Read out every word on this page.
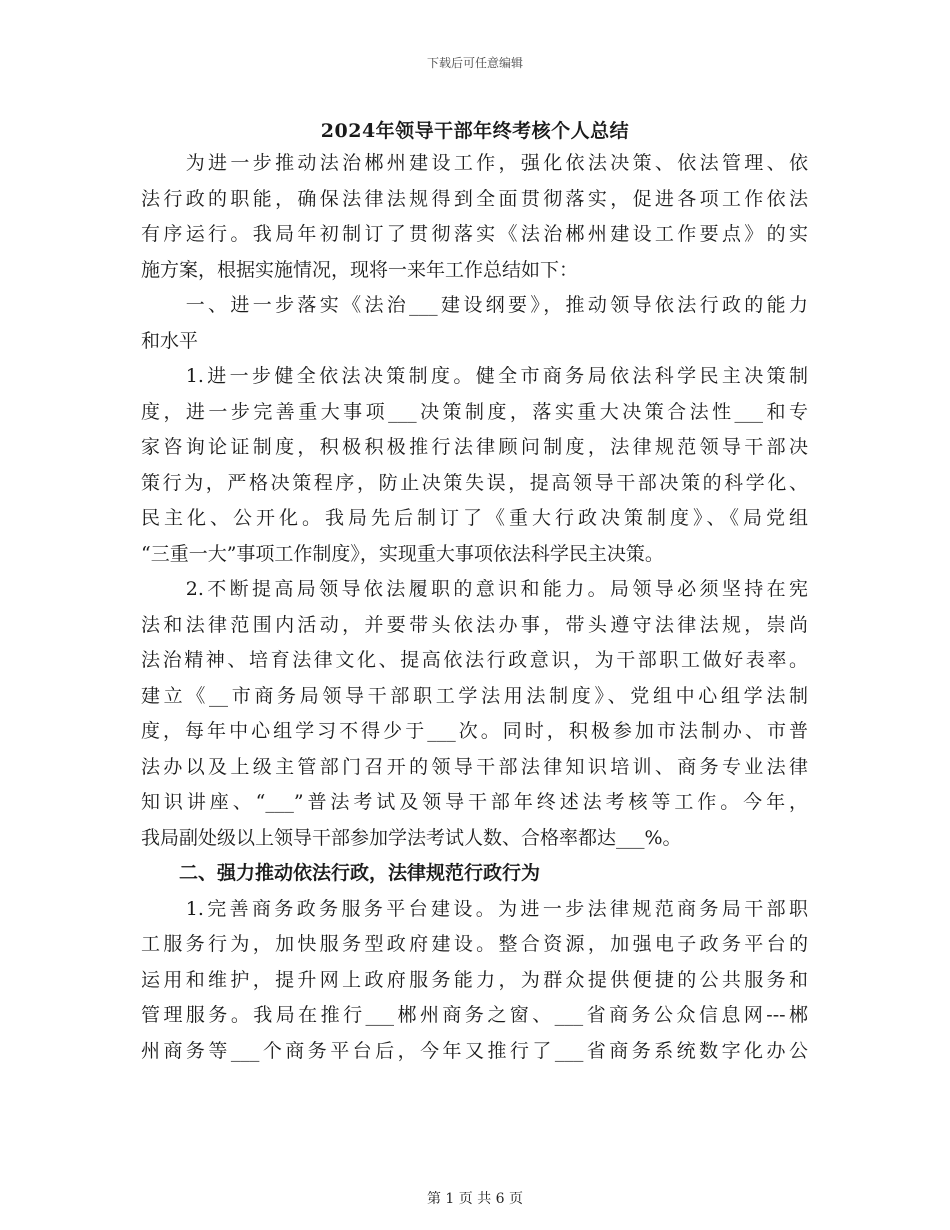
下载后可任意编辑
2024年领导干部年终考核个人总结
　　为进一步推动法治郴州建设工作，强化依法决策、依法管理、依
法行政的职能，确保法律法规得到全面贯彻落实，促进各项工作依法
有序运行。我局年初制订了贯彻落实《法治郴州建设工作要点》的实
施方案，根据实施情况，现将一来年工作总结如下：
　　一、进一步落实《法治___建设纲要》，推动领导依法行政的能力
和水平
　　1.进一步健全依法决策制度。健全市商务局依法科学民主决策制
度，进一步完善重大事项___决策制度，落实重大决策合法性___和专
家咨询论证制度，积极积极推行法律顾问制度，法律规范领导干部决
策行为，严格决策程序，防止决策失误，提高领导干部决策的科学化、
民主化、公开化。我局先后制订了《重大行政决策制度》、《局党组
“三重一大”事项工作制度》，实现重大事项依法科学民主决策。
　　2.不断提高局领导依法履职的意识和能力。局领导必须坚持在宪
法和法律范围内活动，并要带头依法办事，带头遵守法律法规，崇尚
法治精神、培育法律文化、提高依法行政意识，为干部职工做好表率。
建立《__市商务局领导干部职工学法用法制度》、党组中心组学法制
度，每年中心组学习不得少于___次。同时，积极参加市法制办、市普
法办以及上级主管部门召开的领导干部法律知识培训、商务专业法律
知识讲座、“___”普法考试及领导干部年终述法考核等工作。今年，
我局副处级以上领导干部参加学法考试人数、合格率都达___%。
　　二、强力推动依法行政，法律规范行政行为
　　1.完善商务政务服务平台建设。为进一步法律规范商务局干部职
工服务行为，加快服务型政府建设。整合资源，加强电子政务平台的
运用和维护，提升网上政府服务能力，为群众提供便捷的公共服务和
管理服务。我局在推行___郴州商务之窗、___省商务公众信息网---郴
州商务等___个商务平台后，今年又推行了___省商务系统数字化办公
第 1 页 共 6 页
